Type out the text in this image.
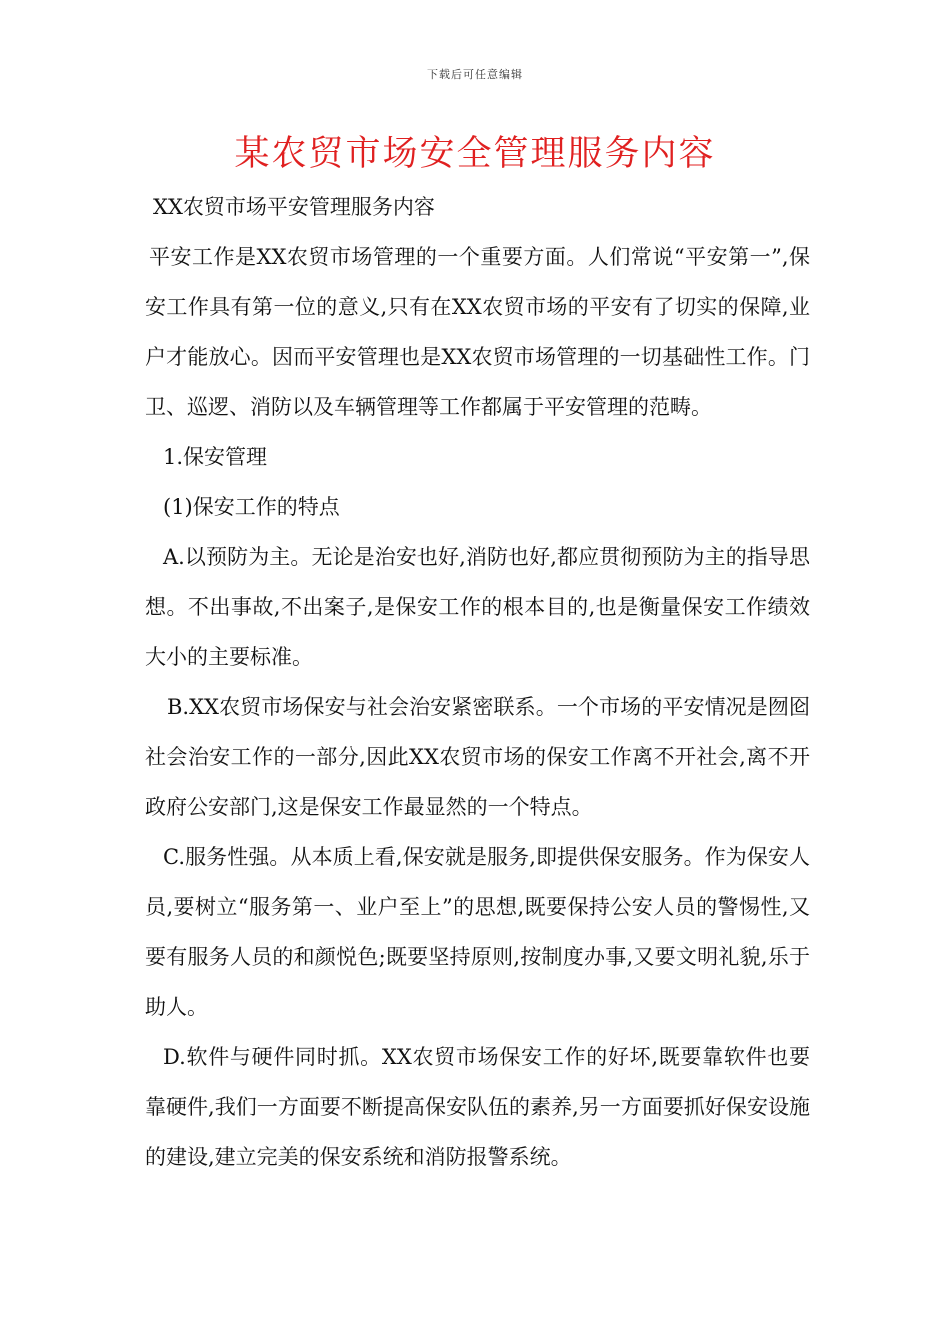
下载后可任意编辑
某农贸市场安全管理服务内容

XX农贸市场平安管理服务内容

平安工作是XX农贸市场管理的一个重要方面。人们常说“平安第一”,保安工作具有第一位的意义,只有在XX农贸市场的平安有了切实的保障,业户才能放心。因而平安管理也是XX农贸市场管理的一切基础性工作。门卫、巡逻、消防以及车辆管理等工作都属于平安管理的范畴。

1.保安管理

(1)保安工作的特点

A.以预防为主。无论是治安也好,消防也好,都应贯彻预防为主的指导思想。不出事故,不出案子,是保安工作的根本目的,也是衡量保安工作绩效大小的主要标准。

B.XX农贸市场保安与社会治安紧密联系。一个市场的平安情况是囫囵社会治安工作的一部分,因此XX农贸市场的保安工作离不开社会,离不开政府公安部门,这是保安工作最显然的一个特点。

C.服务性强。从本质上看,保安就是服务,即提供保安服务。作为保安人员,要树立“服务第一、业户至上”的思想,既要保持公安人员的警惕性,又要有服务人员的和颜悦色;既要坚持原则,按制度办事,又要文明礼貌,乐于助人。

D.软件与硬件同时抓。XX农贸市场保安工作的好坏,既要靠软件也要靠硬件,我们一方面要不断提高保安队伍的素养,另一方面要抓好保安设施的建设,建立完美的保安系统和消防报警系统。
